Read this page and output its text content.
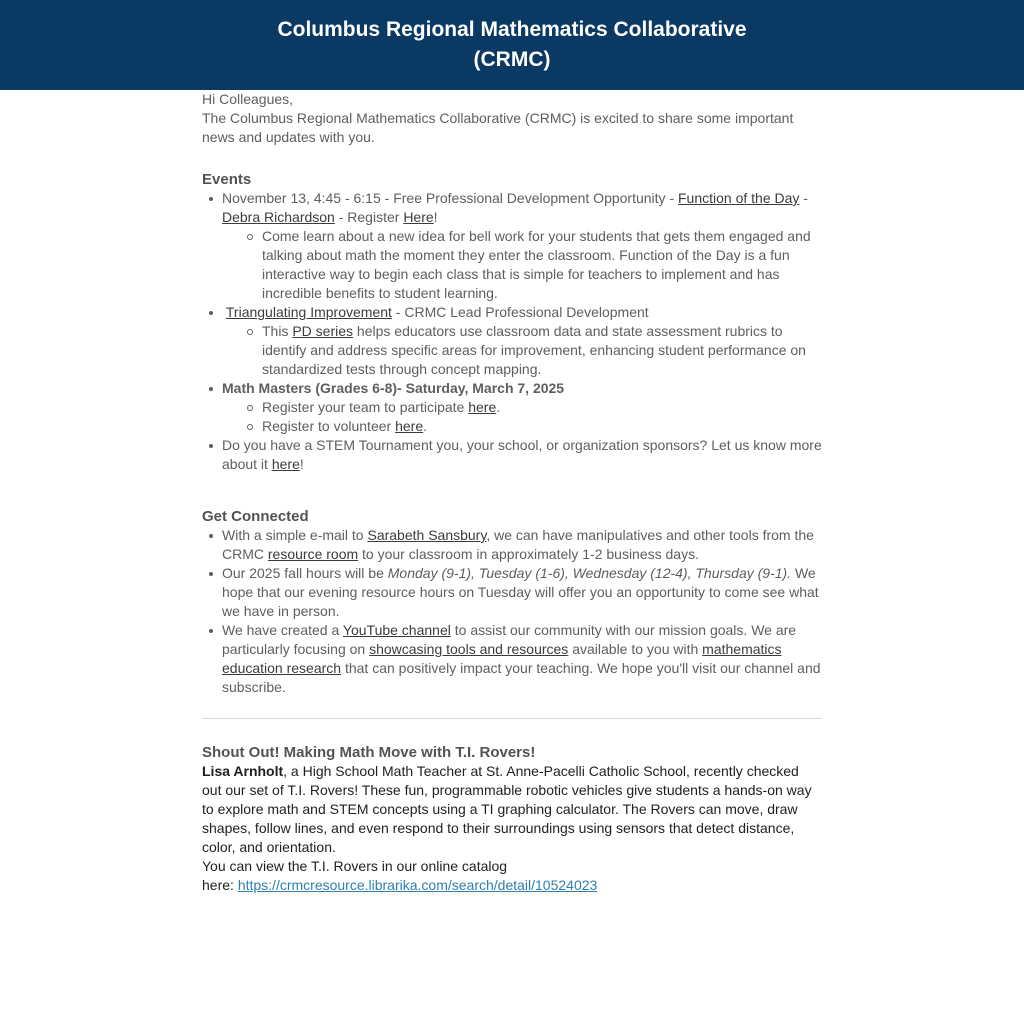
Columbus Regional Mathematics Collaborative
(CRMC)

Hi Colleagues,

The Columbus Regional Mathematics Collaborative (CRMC) is excited to share some important news and updates with you.

Events
November 13, 4:45 - 6:15 - Free Professional Development Opportunity - Function of the Day - Debra Richardson - Register Here!
Come learn about a new idea for bell work for your students that gets them engaged and talking about math the moment they enter the classroom. Function of the Day is a fun interactive way to begin each class that is simple for teachers to implement and has incredible benefits to student learning.
Triangulating Improvement - CRMC Lead Professional Development
This PD series helps educators use classroom data and state assessment rubrics to identify and address specific areas for improvement, enhancing student performance on standardized tests through concept mapping.
Math Masters (Grades 6-8)- Saturday, March 7, 2025
Register your team to participate here.
Register to volunteer here.
Do you have a STEM Tournament you, your school, or organization sponsors? Let us know more about it here!
Get Connected
With a simple e-mail to Sarabeth Sansbury, we can have manipulatives and other tools from the CRMC resource room to your classroom in approximately 1-2 business days.
Our 2025 fall hours will be Monday (9-1), Tuesday (1-6), Wednesday (12-4), Thursday (9-1). We hope that our evening resource hours on Tuesday will offer you an opportunity to come see what we have in person.
We have created a YouTube channel to assist our community with our mission goals. We are particularly focusing on showcasing tools and resources available to you with mathematics education research that can positively impact your teaching. We hope you'll visit our channel and subscribe.
Shout Out! Making Math Move with T.I. Rovers!

Lisa Arnholt, a High School Math Teacher at St. Anne-Pacelli Catholic School, recently checked out our set of T.I. Rovers! These fun, programmable robotic vehicles give students a hands-on way to explore math and STEM concepts using a TI graphing calculator. The Rovers can move, draw shapes, follow lines, and even respond to their surroundings using sensors that detect distance, color, and orientation.

You can view the T.I. Rovers in our online catalog
here: https://crmcresource.librarika.com/search/detail/10524023
